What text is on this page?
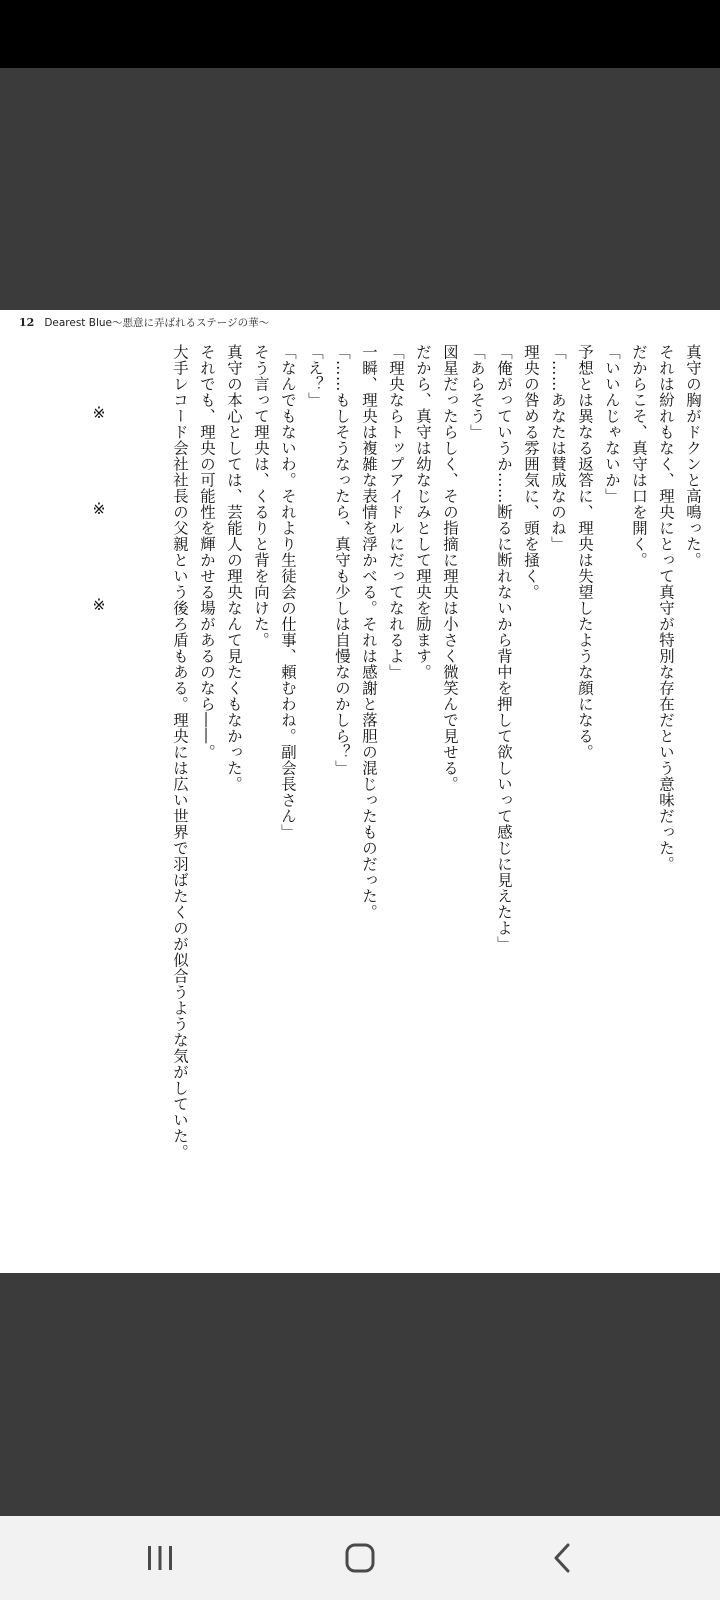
12 Dearest Blue〜悪意に弄ばれるステージの華〜
真守の胸がドクンと高鳴った。
それは紛れもなく、理央にとって真守が特別な存在だという意味だった。
だからこそ、真守は口を開く。
「いいんじゃないか」
予想とは異なる返答に、理央は失望したような顔になる。
「……あなたは賛成なのね」
理央の咎める雰囲気に、頭を掻く。
「俺がっていうか……断るに断れないから背中を押して欲しいって感じに見えたよ」
「あらそう」
図星だったらしく、その指摘に理央は小さく微笑んで見せる。
だから、真守は幼なじみとして理央を励ます。
「理央ならトップアイドルにだってなれるよ」
一瞬、理央は複雑な表情を浮かべる。それは感謝と落胆の混じったものだった。
「……もしそうなったら、真守も少しは自慢なのかしら？」
「え？」
「なんでもないわ。それより生徒会の仕事、頼むわね。副会長さん」
そう言って理央は、くるりと背を向けた。
真守の本心としては、芸能人の理央なんて見たくもなかった。
それでも、理央の可能性を輝かせる場があるのなら――。
大手レコード会社社長の父親という後ろ盾もある。理央には広い世界で羽ばたくのが似合うような気がしていた。

※※※
